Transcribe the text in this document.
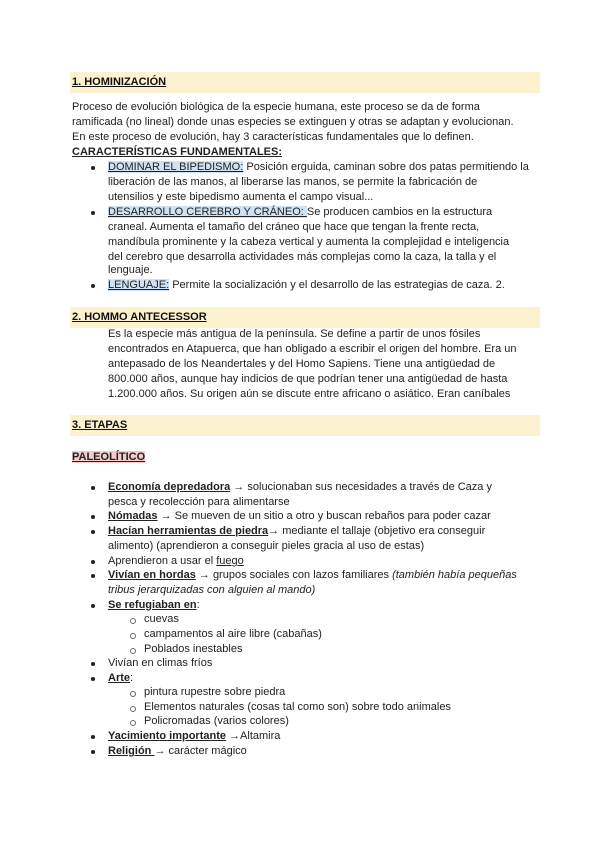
1. HOMINIZACIÓN
Proceso de evolución biológica de la especie humana, este proceso se da de forma
ramificada (no lineal) donde unas especies se extinguen y otras se adaptan y evolucionan.
En este proceso de evolución, hay 3 características fundamentales que lo definen.
CARACTERÍSTICAS FUNDAMENTALES:
DOMINAR EL BIPEDISMO: Posición erguida, caminan sobre dos patas permitiendo la
liberación de las manos, al liberarse las manos, se permite la fabricación de
utensilios y este bipedismo aumenta el campo visual...
DESARROLLO CEREBRO Y CRÁNEO: Se producen cambios en la estructura
craneal. Aumenta el tamaño del cráneo que hace que tengan la frente recta,
mandíbula prominente y la cabeza vertical y aumenta la complejidad e inteligencia
del cerebro que desarrolla actividades más complejas como la caza, la talla y el
lenguaje.
LENGUAJE: Permite la socialización y el desarrollo de las estrategias de caza. 2.
2. HOMMO ANTECESSOR
Es la especie más antigua de la península. Se define a partir de unos fósiles
encontrados en Atapuerca, que han obligado a escribir el origen del hombre. Era un
antepasado de los Neandertales y del Homo Sapiens. Tiene una antigüedad de
800.000 años, aunque hay indicios de que podrían tener una antigüedad de hasta
1.200.000 años. Su origen aún se discute entre africano o asiático. Eran caníbales
3. ETAPAS
PALEOLÍTICO
Economía depredadora → solucionaban sus necesidades a través de Caza y
pesca y recolección para alimentarse
Nómadas → Se mueven de un sitio a otro y buscan rebaños para poder cazar
Hacían herramientas de piedra→ mediante el tallaje (objetivo era conseguir
alimento) (aprendieron a conseguir pieles gracia al uso de estas)
Aprendieron a usar el fuego
Vivían en hordas → grupos sociales con lazos familiares (también había pequeñas
tribus jerarquizadas con alguien al mando)
Se refugiaban en:
cuevas
campamentos al aire libre (cabañas)
Poblados inestables
Vivían en climas fríos
Arte:
pintura rupestre sobre piedra
Elementos naturales (cosas tal como son) sobre todo animales
Policromadas (varios colores)
Yacimiento importante →Altamira
Religión → carácter mágico
